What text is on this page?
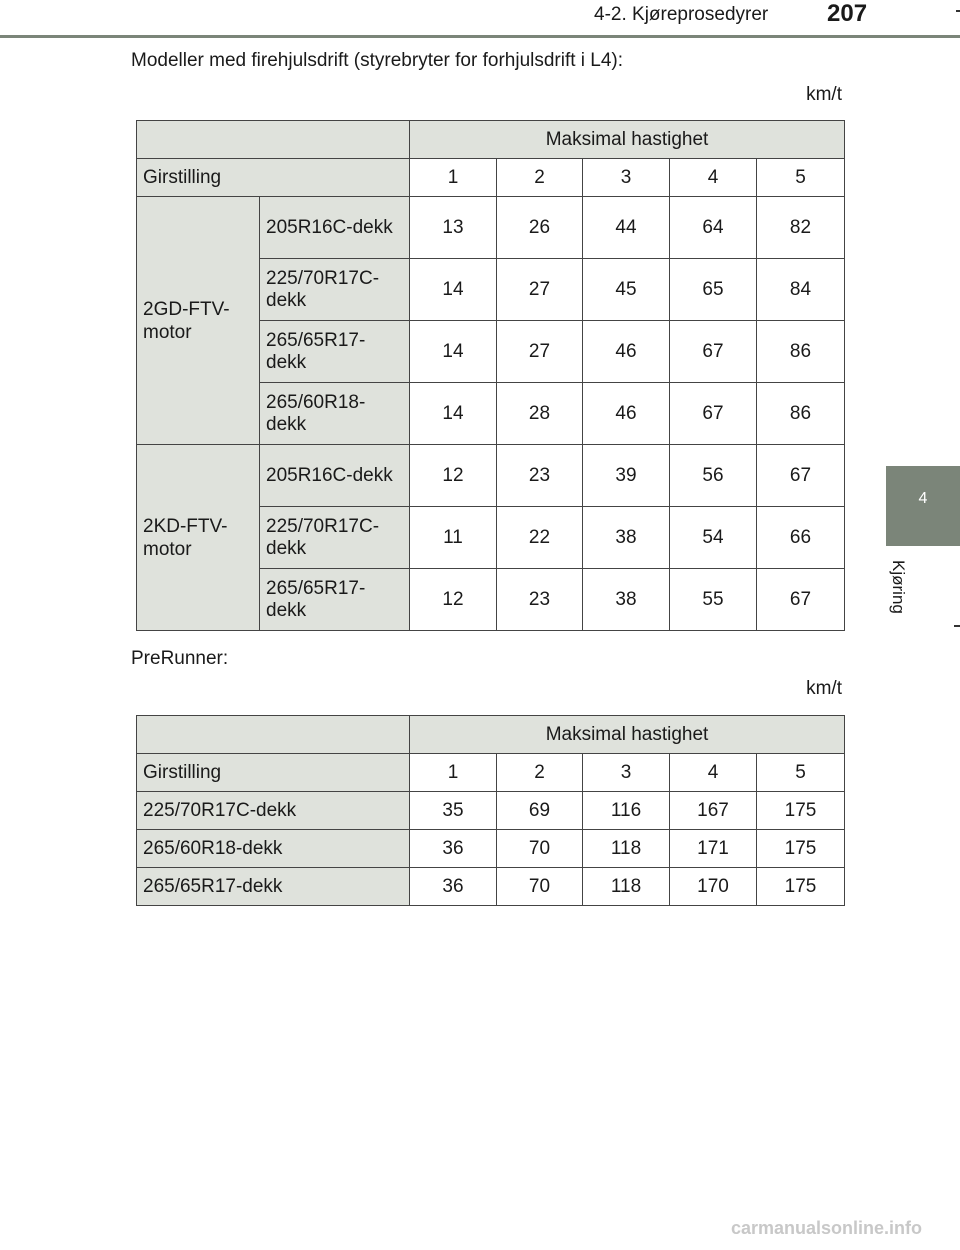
4-2. Kjøreprosedyrer 207
4
Kjøring
Modeller med firehjulsdrift (styrebryter for forhjulsdrift i L4):
km/t
		Maksimal hastighet				
Girstilling		1	2	3	4	5
2GD-FTV-motor	205R16C-dekk	13	26	44	64	82
	225/70R17C-dekk	14	27	45	65	84
	265/65R17-dekk	14	27	46	67	86
	265/60R18-dekk	14	28	46	67	86
2KD-FTV-motor	205R16C-dekk	12	23	39	56	67
	225/70R17C-dekk	11	22	38	54	66
	265/65R17-dekk	12	23	38	55	67
PreRunner:
km/t
	Maksimal hastighet				
Girstilling	1	2	3	4	5
225/70R17C-dekk	35	69	116	167	175
265/60R18-dekk	36	70	118	171	175
265/65R17-dekk	36	70	118	170	175
carmanualsonline.info
